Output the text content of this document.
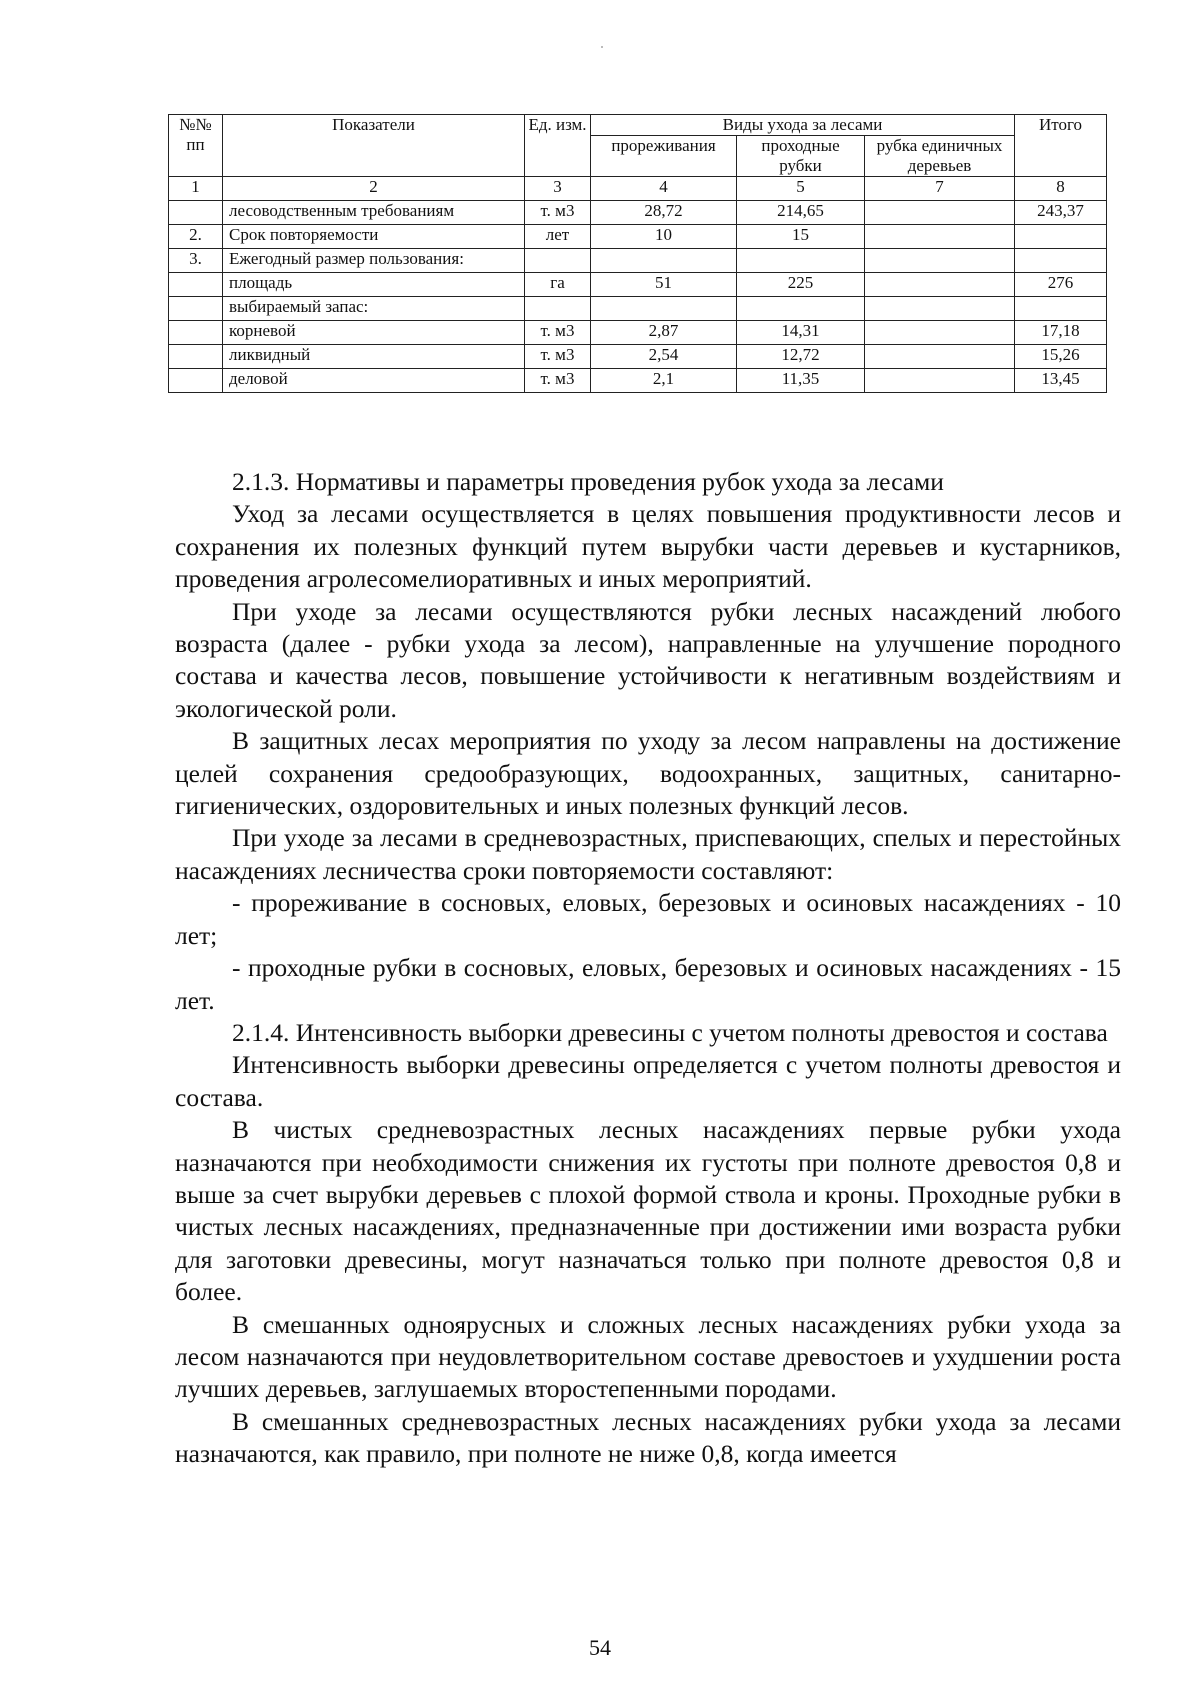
№№ пп	Показатели	Ед. изм.	Виды ухода за лесами			Итого
			прореживания	проходные рубки	рубка единичных деревьев	
1	2	3	4	5	7	8
	лесоводственным требованиям	т. м3	28,72	214,65		243,37
2.	Срок повторяемости	лет	10	15		
3.	Ежегодный размер пользования:					
	площадь	га	51	225		276
	выбираемый запас:					
	корневой	т. м3	2,87	14,31		17,18
	ликвидный	т. м3	2,54	12,72		15,26
	деловой	т. м3	2,1	11,35		13,45

2.1.3. Нормативы и параметры проведения рубок ухода за лесами

Уход за лесами осуществляется в целях повышения продуктивности лесов и сохранения их полезных функций путем вырубки части деревьев и кустарников, проведения агролесомелиоративных и иных мероприятий.

При уходе за лесами осуществляются рубки лесных насаждений любого возраста (далее - рубки ухода за лесом), направленные на улучшение породного состава и качества лесов, повышение устойчивости к негативным воздействиям и экологической роли.

В защитных лесах мероприятия по уходу за лесом направлены на достижение целей сохранения средообразующих, водоохранных, защитных, санитарно-гигиенических, оздоровительных и иных полезных функций лесов.

При уходе за лесами в средневозрастных, приспевающих, спелых и перестойных насаждениях лесничества сроки повторяемости составляют:

- прореживание в сосновых, еловых, березовых и осиновых насаждениях - 10 лет;

- проходные рубки в сосновых, еловых, березовых и осиновых насаждениях - 15 лет.

2.1.4. Интенсивность выборки древесины с учетом полноты древостоя и состава

Интенсивность выборки древесины определяется с учетом полноты древостоя и состава.

В чистых средневозрастных лесных насаждениях первые рубки ухода назначаются при необходимости снижения их густоты при полноте древостоя 0,8 и выше за счет вырубки деревьев с плохой формой ствола и кроны. Проходные рубки в чистых лесных насаждениях, предназначенные при достижении ими возраста рубки для заготовки древесины, могут назначаться только при полноте древостоя 0,8 и более.

В смешанных одноярусных и сложных лесных насаждениях рубки ухода за лесом назначаются при неудовлетворительном составе древостоев и ухудшении роста лучших деревьев, заглушаемых второстепенными породами.

В смешанных средневозрастных лесных насаждениях рубки ухода за лесами назначаются, как правило, при полноте не ниже 0,8, когда имеется

54
